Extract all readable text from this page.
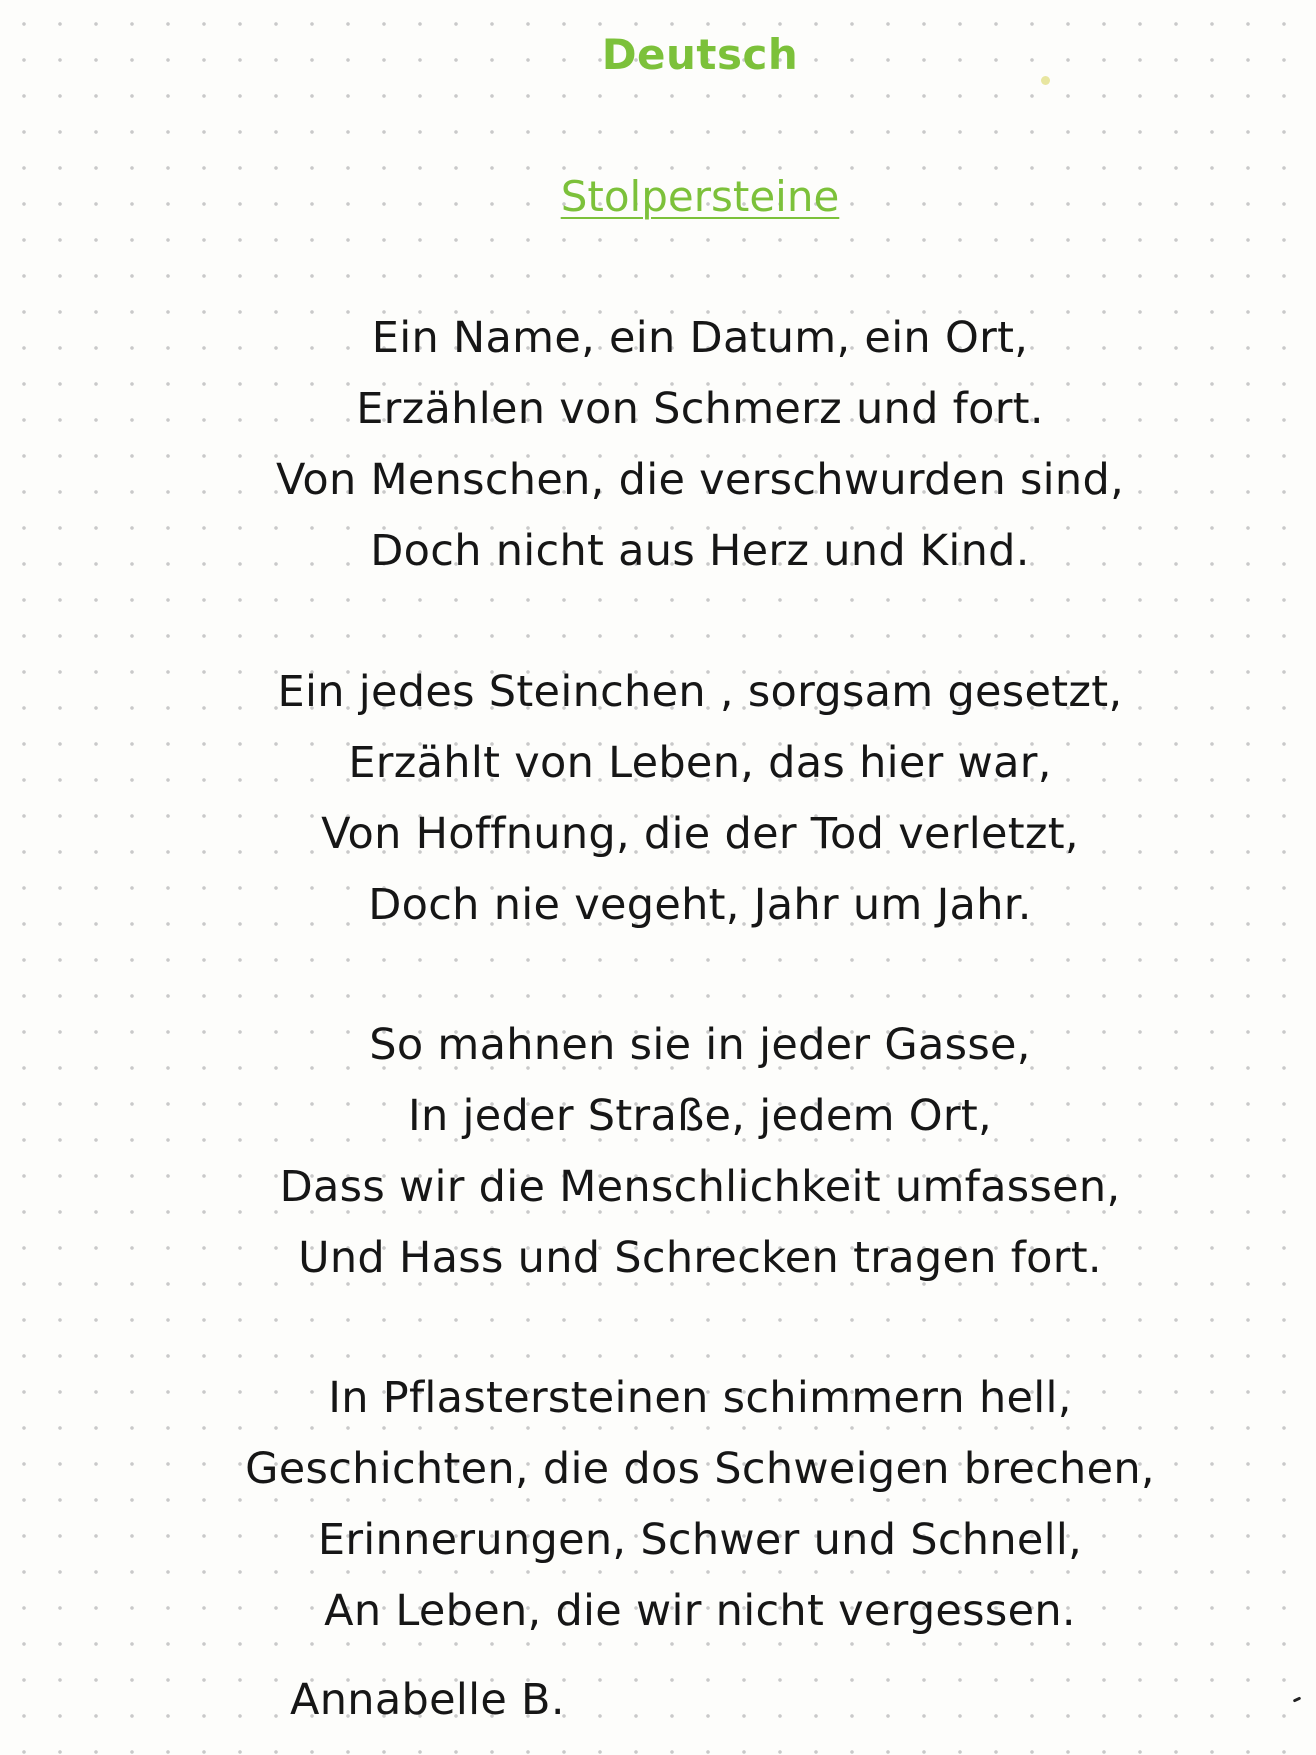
Deutsch
Stolpersteine
Ein Name, ein Datum, ein Ort,
Erzählen von Schmerz und fort.
Von Menschen, die verschwurden sind,
Doch nicht aus Herz und Kind.
Ein jedes Steinchen , sorgsam gesetzt,
Erzählt von Leben, das hier war,
Von Hoffnung, die der Tod verletzt,
Doch nie vegeht, Jahr um Jahr.
So mahnen sie in jeder Gasse,
In jeder Straße, jedem Ort,
Dass wir die Menschlichkeit umfassen,
Und Hass und Schrecken tragen fort.
In Pflastersteinen schimmern hell,
Geschichten, die dos Schweigen brechen,
Erinnerungen, Schwer und Schnell,
An Leben, die wir nicht vergessen.
Annabelle B.
